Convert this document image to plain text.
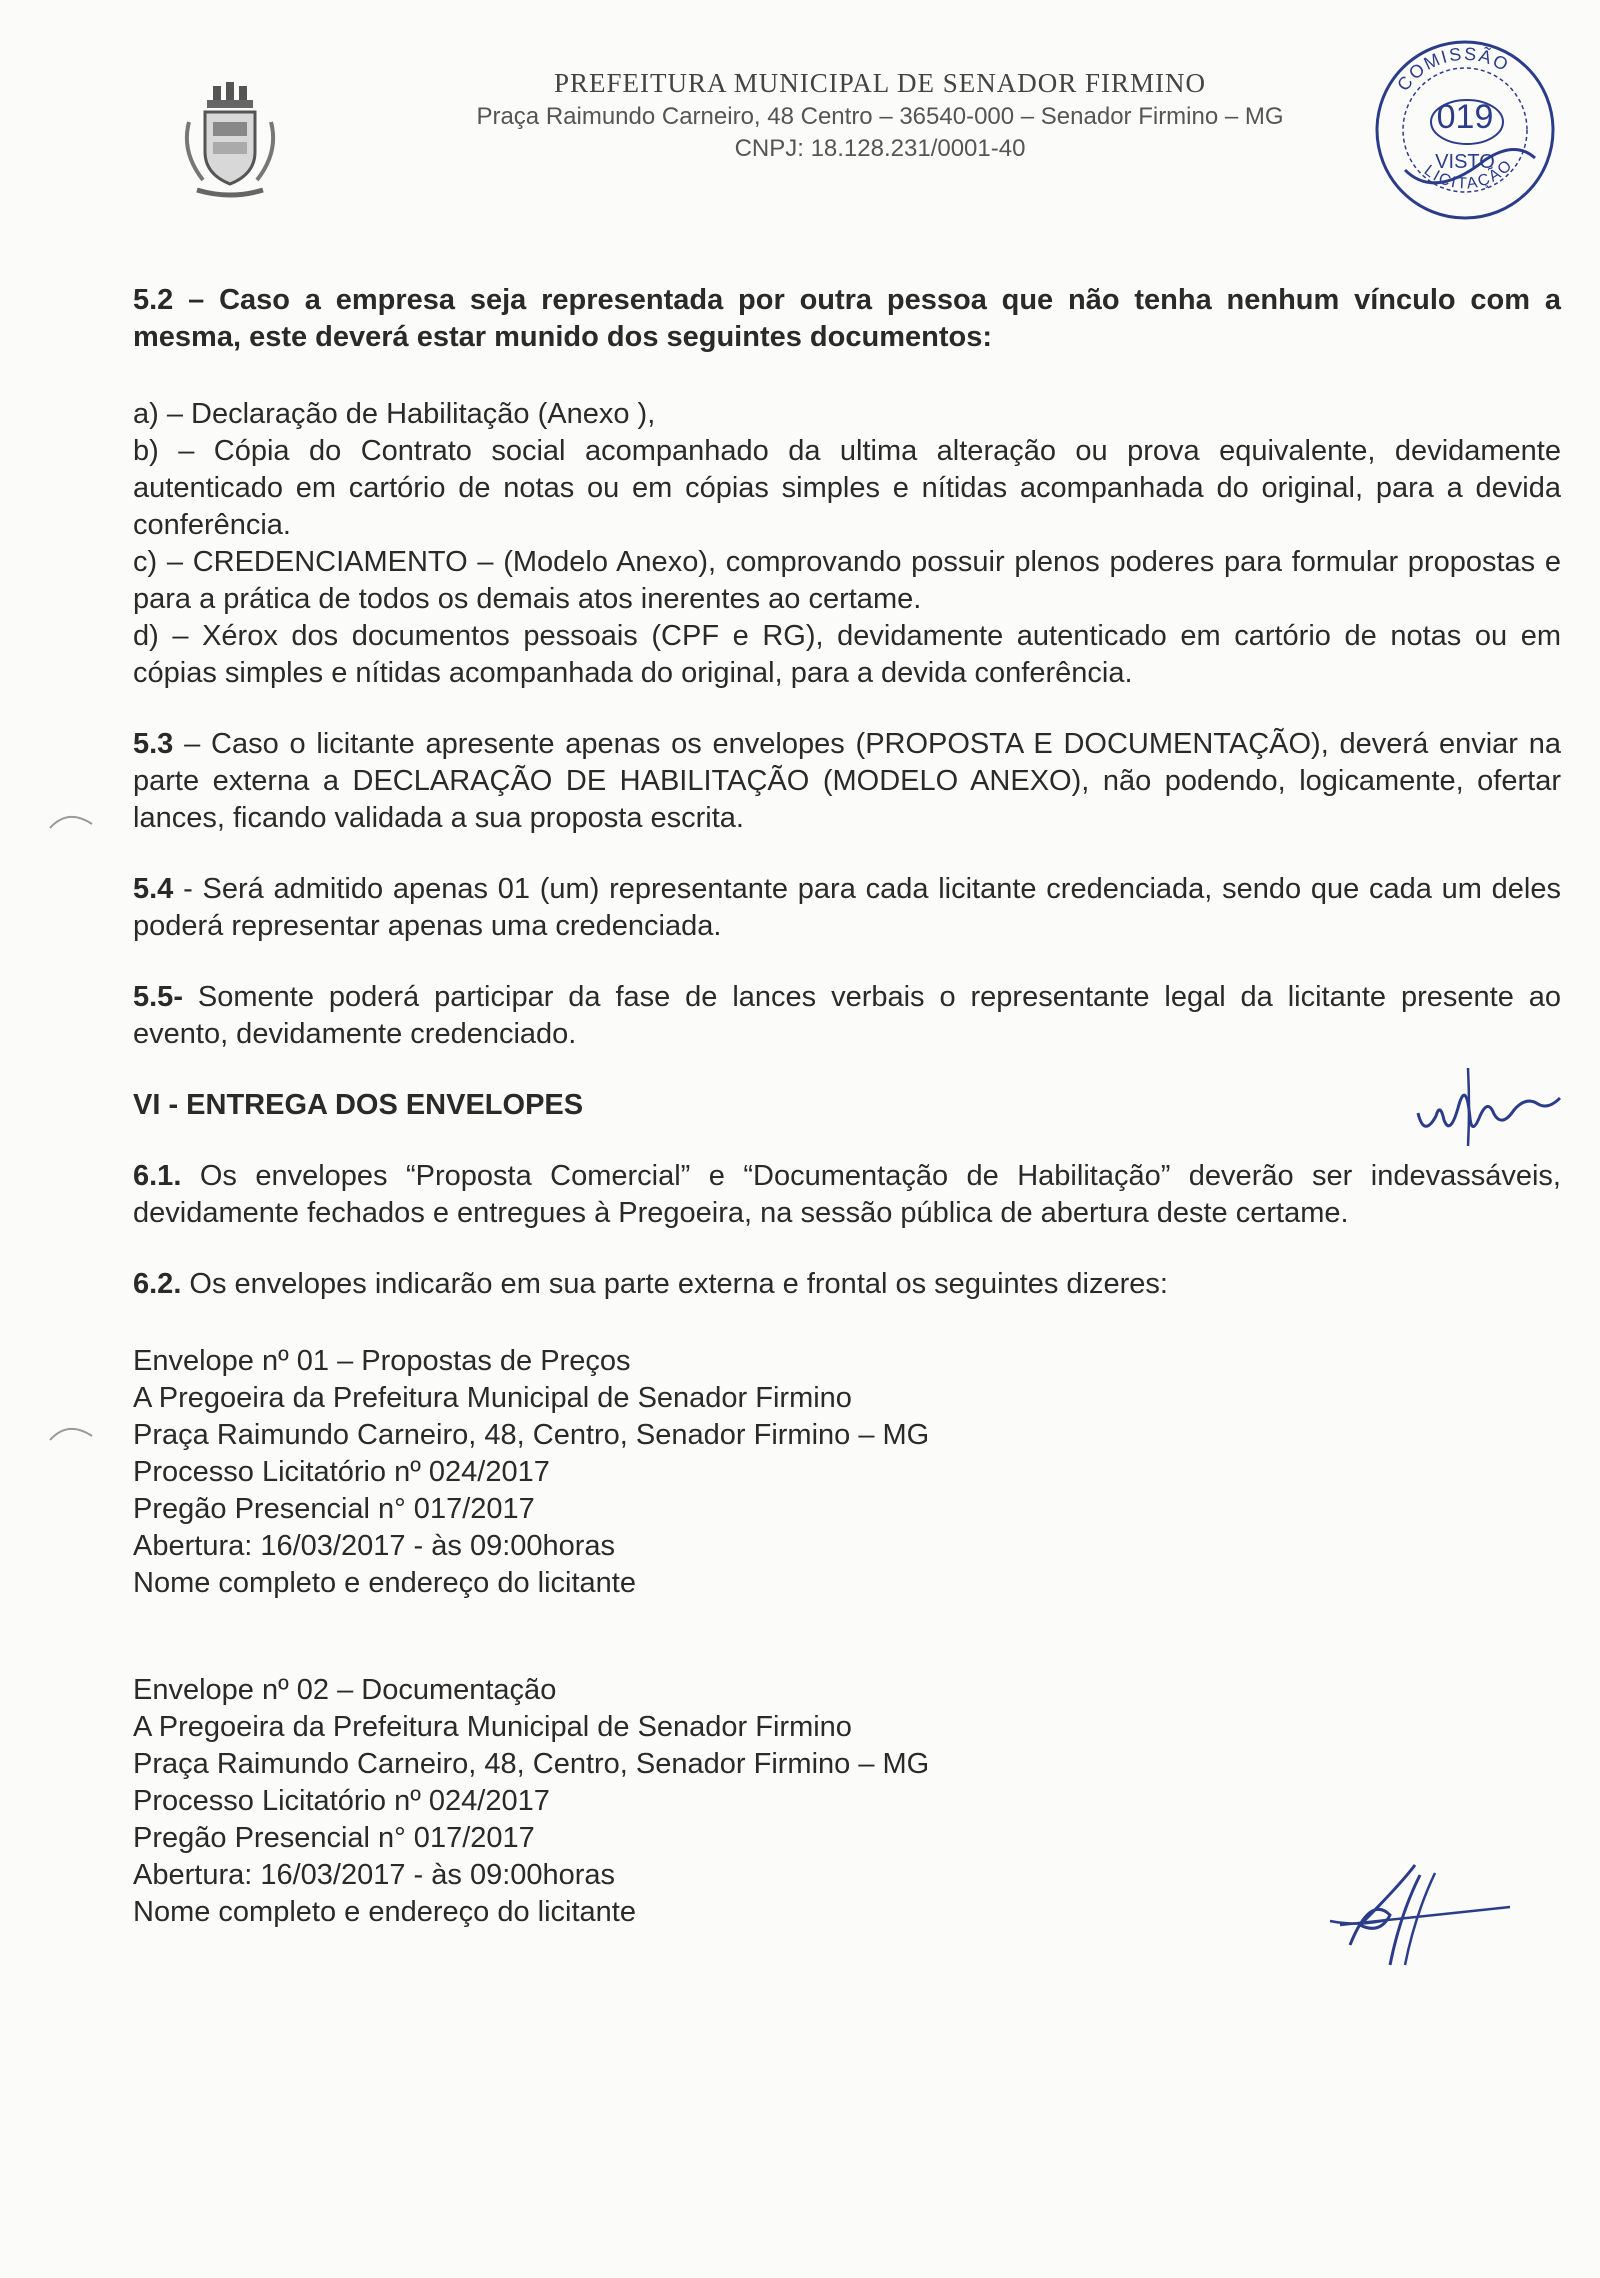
PREFEITURA MUNICIPAL DE SENADOR FIRMINO

Praça Raimundo Carneiro, 48 Centro – 36540-000 – Senador Firmino – MG

CNPJ: 18.128.231/0001-40

COMISSÃO
LICITAÇÃO
VISTO

019

5.2 – Caso a empresa seja representada por outra pessoa que não tenha nenhum vínculo com a mesma, este deverá estar munido dos seguintes documentos:

a) – Declaração de Habilitação (Anexo ),

b) – Cópia do Contrato social acompanhado da ultima alteração ou prova equivalente, devidamente autenticado em cartório de notas ou em cópias simples e nítidas acompanhada do original, para a devida conferência.

c) – CREDENCIAMENTO – (Modelo Anexo), comprovando possuir plenos poderes para formular propostas e para a prática de todos os demais atos inerentes ao certame.

d) – Xérox dos documentos pessoais (CPF e RG), devidamente autenticado em cartório de notas ou em cópias simples e nítidas acompanhada do original, para a devida conferência.

5.3 – Caso o licitante apresente apenas os envelopes (PROPOSTA E DOCUMENTAÇÃO), deverá enviar na parte externa a DECLARAÇÃO DE HABILITAÇÃO (MODELO ANEXO), não podendo, logicamente, ofertar lances, ficando validada a sua proposta escrita.

5.4 - Será admitido apenas 01 (um) representante para cada licitante credenciada, sendo que cada um deles poderá representar apenas uma credenciada.

5.5- Somente poderá participar da fase de lances verbais o representante legal da licitante presente ao evento, devidamente credenciado.

VI - ENTREGA DOS ENVELOPES

6.1. Os envelopes “Proposta Comercial” e “Documentação de Habilitação” deverão ser indevassáveis, devidamente fechados e entregues à Pregoeira, na sessão pública de abertura deste certame.

6.2. Os envelopes indicarão em sua parte externa e frontal os seguintes dizeres:

Envelope nº 01 – Propostas de Preços

A Pregoeira da Prefeitura Municipal de Senador Firmino

Praça Raimundo Carneiro, 48, Centro, Senador Firmino – MG

Processo Licitatório nº 024/2017

Pregão Presencial n° 017/2017

Abertura: 16/03/2017 - às 09:00horas

Nome completo e endereço do licitante

Envelope nº 02 – Documentação

A Pregoeira da Prefeitura Municipal de Senador Firmino

Praça Raimundo Carneiro, 48, Centro, Senador Firmino – MG

Processo Licitatório nº 024/2017

Pregão Presencial n° 017/2017

Abertura: 16/03/2017 - às 09:00horas

Nome completo e endereço do licitante
